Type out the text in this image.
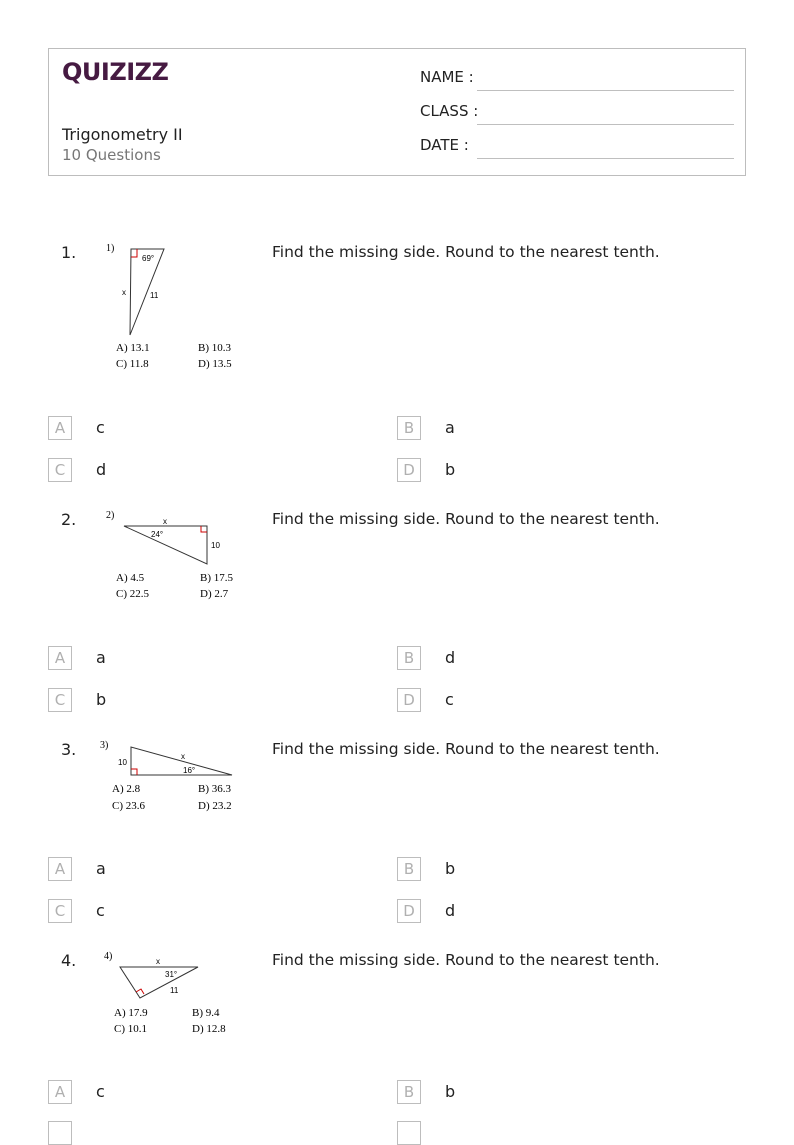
QUIZIZZ
Trigonometry II
10 Questions
NAME :
CLASS :
DATE :
1.	Find the missing side. Round to the nearest tenth.
1)
69°
x	11
A) 13.1	B) 10.3
C) 11.8	D) 13.5
A	c	B	a
C	d	D	b
2.	Find the missing side. Round to the nearest tenth.
2)
x
24°
10
A) 4.5	B) 17.5
C) 22.5	D) 2.7
A	a	B	d
C	b	D	c
3.	Find the missing side. Round to the nearest tenth.
3)
10
x
16°
A) 2.8	B) 36.3
C) 23.6	D) 23.2
A	a	B	b
C	c	D	d
4.	Find the missing side. Round to the nearest tenth.
4)	x
31°
11
A) 17.9	B) 9.4
C) 10.1	D) 12.8
A	c	B	b
